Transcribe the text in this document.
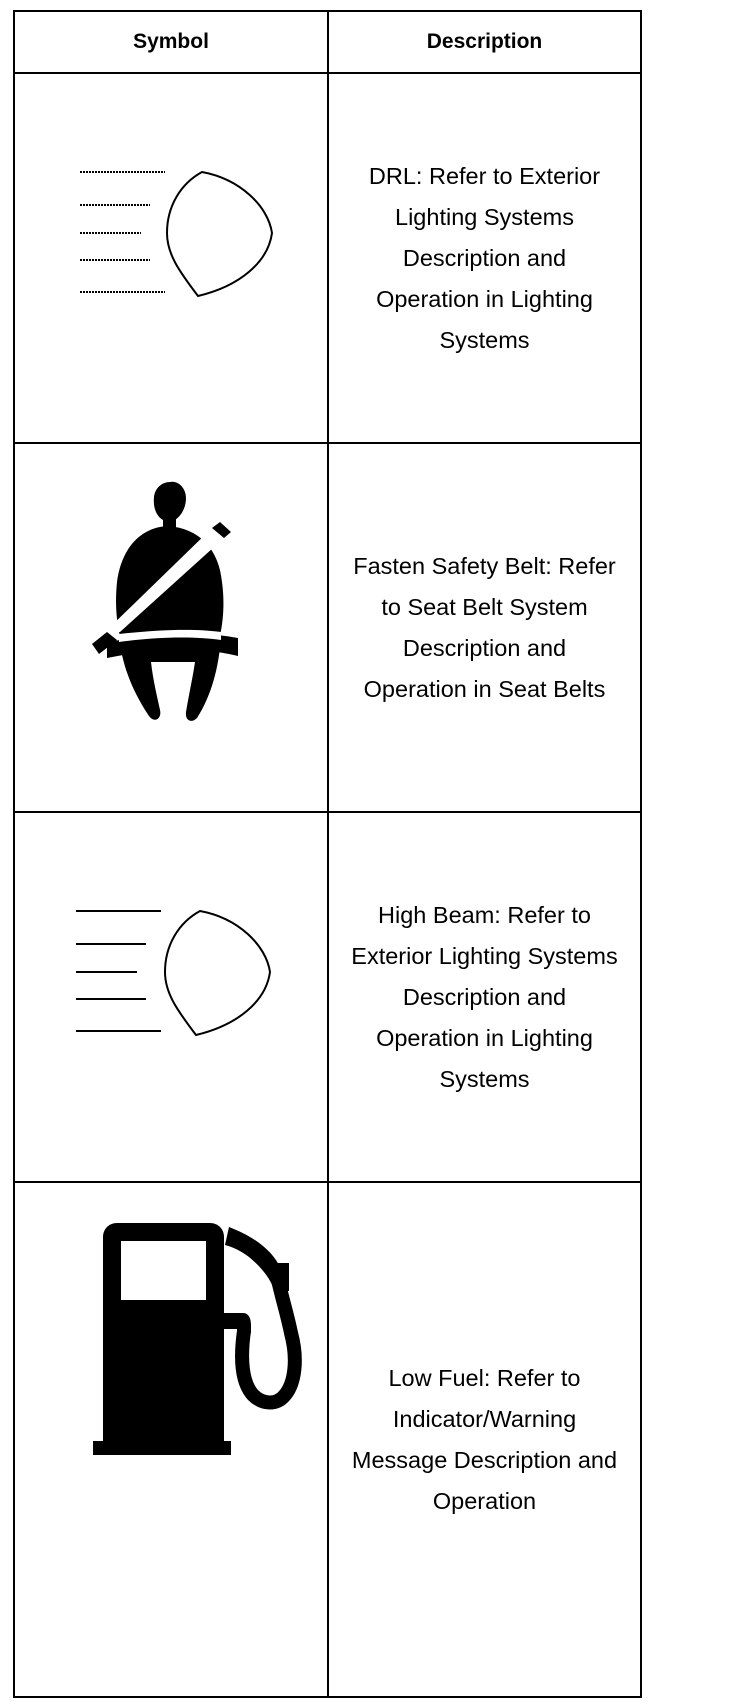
Symbol	Description
DRL: Refer to Exterior Lighting Systems Description and Operation in Lighting Systems
Fasten Safety Belt: Refer to Seat Belt System Description and Operation in Seat Belts
High Beam: Refer to Exterior Lighting Systems Description and Operation in Lighting Systems
Low Fuel: Refer to Indicator/Warning Message Description and Operation
